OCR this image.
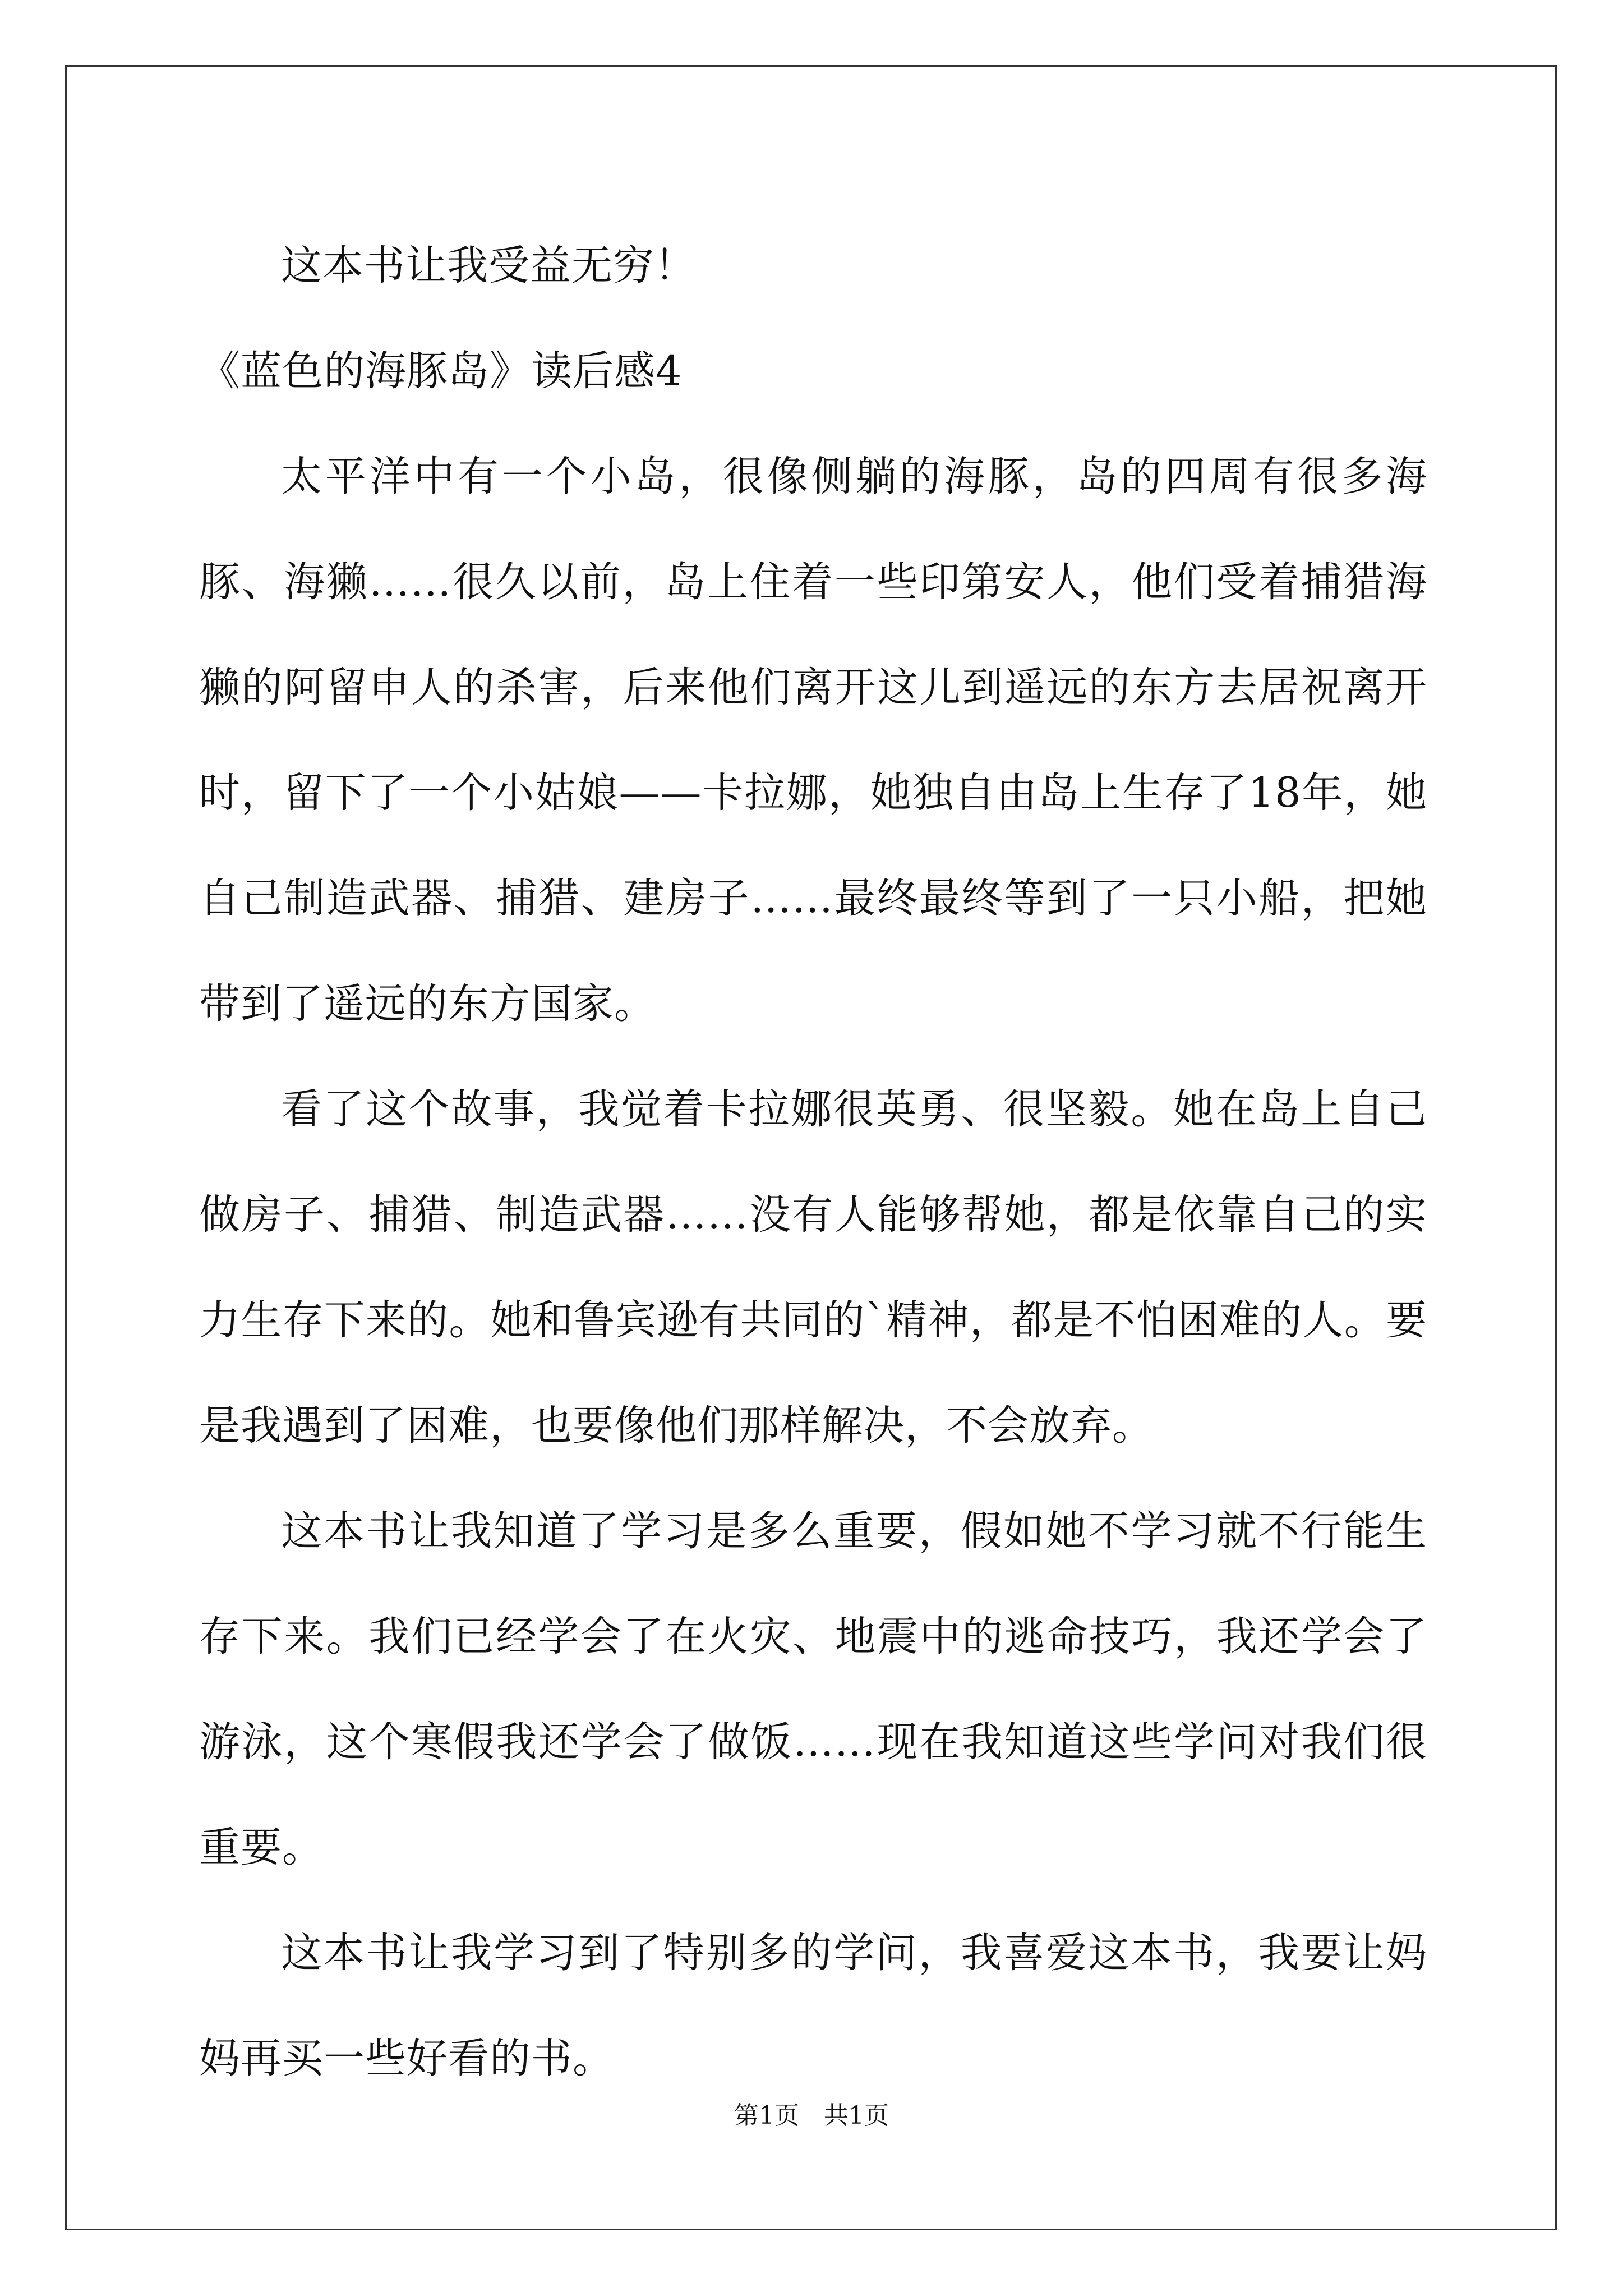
这本书让我受益无穷！

《蓝色的海豚岛》读后感4

太平洋中有一个小岛，很像侧躺的海豚，岛的四周有很多海豚、海獭……很久以前，岛上住着一些印第安人，他们受着捕猎海獭的阿留申人的杀害，后来他们离开这儿到遥远的东方去居祝离开时，留下了一个小姑娘——卡拉娜，她独自由岛上生存了18年，她自己制造武器、捕猎、建房子……最终最终等到了一只小船，把她带到了遥远的东方国家。

看了这个故事，我觉着卡拉娜很英勇、很坚毅。她在岛上自己做房子、捕猎、制造武器……没有人能够帮她，都是依靠自己的实力生存下来的。她和鲁宾逊有共同的`精神，都是不怕困难的人。要是我遇到了困难，也要像他们那样解决，不会放弃。

这本书让我知道了学习是多么重要，假如她不学习就不行能生存下来。我们已经学会了在火灾、地震中的逃命技巧，我还学会了游泳，这个寒假我还学会了做饭……现在我知道这些学问对我们很重要。

这本书让我学习到了特别多的学问，我喜爱这本书，我要让妈妈再买一些好看的书。

第1页 共1页
